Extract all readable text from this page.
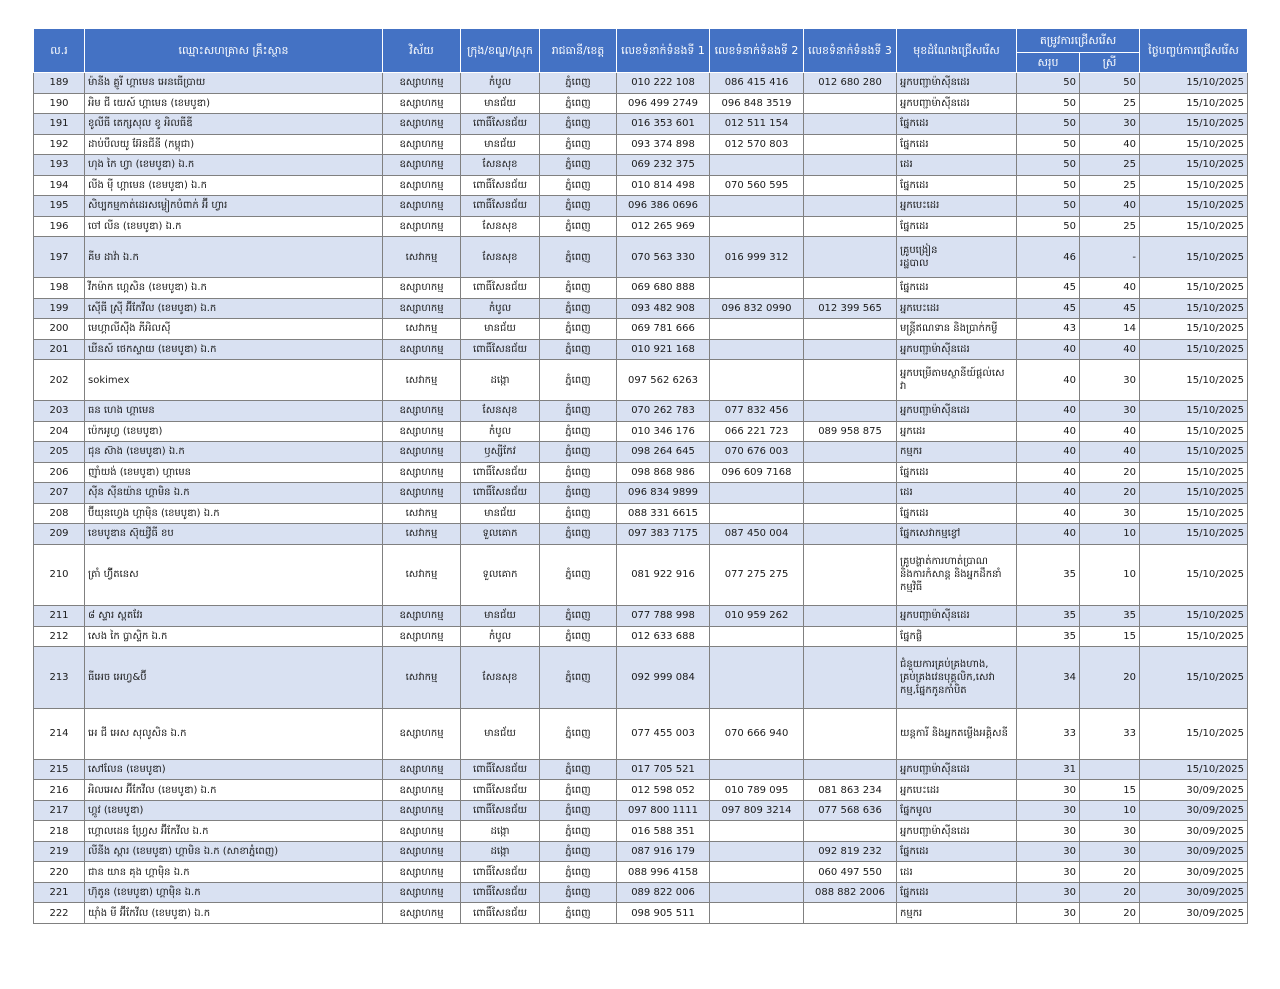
ល.រ	ឈ្មោះសហគ្រាស គ្រឹះស្ថាន	វិស័យ	ក្រុង/ខណ្ឌ/ស្រុក	រាជធានី/ខេត្ត	លេខទំនាក់ទំនងទី 1	លេខទំនាក់ទំនងទី 2	លេខទំនាក់ទំនងទី 3	មុខដំណែងជ្រើសរើស	តម្រូវការជ្រើសរើស		ថ្ងៃបញ្ចប់ការជ្រើសរើស
									សរុប	ស្រី	
189	ម៉ានីង គ្លូរី ហ្គាមេន អេនធើប្រាយ	ឧស្សាហកម្ម	កំបូល	ភ្នំពេញ	010 222 108	086 415 416	012 680 280	អ្នកបញ្ជាម៉ាស៊ីនដេរ	50	50	15/10/2025
190	អិម ជី យេស៍ ហ្គាមេន (ខេមបូឌា)	ឧស្សាហកម្ម	មានជ័យ	ភ្នំពេញ	096 499 2749	096 848 3519		អ្នកបញ្ជាម៉ាស៊ីនដេរ	50	25	15/10/2025
191	ខូលីធី តេក្សសុល ខូ អិលធីឌី	ឧស្សាហកម្ម	ពោធិ៍សែនជ័យ	ភ្នំពេញ	016 353 601	012 511 154		ផ្នែកដេរ	50	30	15/10/2025
192	ដាប់បឹលយូ អ៊ែនជីនី (កម្ពុជា)	ឧស្សាហកម្ម	មានជ័យ	ភ្នំពេញ	093 374 898	012 570 803		ផ្នែកដេរ	50	40	15/10/2025
193	ហុង កៃ ហ្វា (ខេមបូឌា) ឯ.ក	ឧស្សាហកម្ម	សែនសុខ	ភ្នំពេញ	069 232 375			ដេរ	50	25	15/10/2025
194	លីង ម៉ី ហ្គាមេន (ខេមបូឌា) ឯ.ក	ឧស្សាហកម្ម	ពោធិ៍សែនជ័យ	ភ្នំពេញ	010 814 498	070 560 595		ផ្នែកដេរ	50	25	15/10/2025
195	សិប្បកម្មកាត់ដេរសម្លៀកបំពាក់ អ៊ី ហ្វារ	ឧស្សាហកម្ម	ពោធិ៍សែនជ័យ	ភ្នំពេញ	096 386 0696			អ្នកបេះដេរ	50	40	15/10/2025
196	ចៅ លីន (ខេមបូឌា) ឯ.ក	ឧស្សាហកម្ម	សែនសុខ	ភ្នំពេញ	012 265 969			ផ្នែកដេរ	50	25	15/10/2025
197	គីម ដាវ៉ា ឯ.ក	សេវាកម្ម	សែនសុខ	ភ្នំពេញ	070 563 330	016 999 312		គ្រូបង្រៀន
រដ្ឋបាល	46	-	15/10/2025
198	វីកម៉ាក ហ្គេសិន (ខេមបូឌា) ឯ.ក	ឧស្សាហកម្ម	ពោធិ៍សែនជ័យ	ភ្នំពេញ	069 680 888			ផ្នែកដេរ	45	40	15/10/2025
199	ស៊ើធី ស៊្រី អ៊ីកែវីល (ខេមបូឌា) ឯ.ក	ឧស្សាហកម្ម	កំបូល	ភ្នំពេញ	093 482 908	096 832 0990	012 399 565	អ្នកបេះដេរ	45	45	15/10/2025
200	មេហ្គាលីស៊ីង ភីអិលស៊ី	សេវាកម្ម	មានជ័យ	ភ្នំពេញ	069 781 666			មន្ត្រីឥណទាន និងប្រាក់កម្ចី	43	14	15/10/2025
201	ឃីនស៍ ថេកស្ទាយ (ខេមបូឌា) ឯ.ក	ឧស្សាហកម្ម	ពោធិ៍សែនជ័យ	ភ្នំពេញ	010 921 168			អ្នកបញ្ជាម៉ាស៊ីនដេរ	40	40	15/10/2025
202	sokimex	សេវាកម្ម	ដង្កោ	ភ្នំពេញ	097 562 6263			អ្នកបម្រើតាមស្ថានីយ៍ផ្តល់សេ
វា	40	30	15/10/2025
203	ធន ហេង ហ្គាមេន	ឧស្សាហកម្ម	សែនសុខ	ភ្នំពេញ	070 262 783	077 832 456		អ្នកបញ្ជាម៉ាស៊ីនដេរ	40	30	15/10/2025
204	ប៉េកអូហ្វ (ខេមបូឌា)	ឧស្សាហកម្ម	កំបូល	ភ្នំពេញ	010 346 176	066 221 723	089 958 875	អ្នកដេរ	40	40	15/10/2025
205	ជុន ស៊ាង (ខេមបូឌា) ឯ.ក	ឧស្សាហកម្ម	ឫស្សីកែវ	ភ្នំពេញ	098 264 645	070 676 003		កម្មករ	40	40	15/10/2025
206	ញ៉ាំយង់ (ខេមបូឌា) ហ្គាមេន	ឧស្សាហកម្ម	ពោធិ៍សែនជ័យ	ភ្នំពេញ	098 868 986	096 609 7168		ផ្នែកដេរ	40	20	15/10/2025
207	ស៊ីន ស៊ីនយ៉ាន ហ្គាមិន ឯ.ក	ឧស្សាហកម្ម	ពោធិ៍សែនជ័យ	ភ្នំពេញ	096 834 9899			ដេរ	40	20	15/10/2025
208	ប៊ីយុនហ្វេង ហ្គាម៉ិន (ខេមបូឌា) ឯ.ក	សេវាកម្ម	មានជ័យ	ភ្នំពេញ	088 331 6615			ផ្នែកដេរ	40	30	15/10/2025
209	ខេមបូឌាន ស៊ុយវ្វីធី ខប	សេវាកម្ម	ទួលគោក	ភ្នំពេញ	097 383 7175	087 450 004		ផ្នែកសេវាកម្មខ្វៅ	40	10	15/10/2025
210	ត្រាំ ហ៊្វីតនេស	សេវាកម្ម	ទួលគោក	ភ្នំពេញ	081 922 916	077 275 275		គ្រូបង្ហាត់ការហាត់ប្រាណ
និងការកំសាន្ត និងអ្នកដឹកនាំ
កម្មវិធី	35	10	15/10/2025
211	៨ ស្ទារ ស្ពតវែរ	ឧស្សាហកម្ម	មានជ័យ	ភ្នំពេញ	077 788 998	010 959 262		អ្នកបញ្ជាម៉ាស៊ីនដេរ	35	35	15/10/2025
212	សេង កៃ ប្លាស្ទិក ឯ.ក	ឧស្សាហកម្ម	កំបូល	ភ្នំពេញ	012 633 688			ផ្នែកផ្លិ	35	15	15/10/2025
213	ធីអេច អេហ្វ&ប៊ី	សេវាកម្ម	សែនសុខ	ភ្នំពេញ	092 999 084			ជំនួយការគ្រប់គ្រងហាង,
គ្រប់គ្រងវេនបុគ្គលិក,សេវា
កម្ម,ផ្នែកកូនកាំបិត	34	20	15/10/2025
214	អេ ជី អេស សុលូសិន ឯ.ក	ឧស្សាហកម្ម	មានជ័យ	ភ្នំពេញ	077 455 003	070 666 940		យន្តការី និងអ្នកតម្លើងអគ្គិសនី	33	33	15/10/2025
215	សៅលែន (ខេមបូឌា)	ឧស្សាហកម្ម	ពោធិ៍សែនជ័យ	ភ្នំពេញ	017 705 521			អ្នកបញ្ជាម៉ាស៊ីនដេរ	31		15/10/2025
216	អិលអេស អ៊ីកែវីល (ខេមបូឌា) ឯ.ក	ឧស្សាហកម្ម	ពោធិ៍សែនជ័យ	ភ្នំពេញ	012 598 052	010 789 095	081 863 234	អ្នកបេះដេរ	30	15	30/09/2025
217	ហ្គូវ (ខេមបូឌា)	ឧស្សាហកម្ម	ពោធិ៍សែនជ័យ	ភ្នំពេញ	097 800 1111	097 809 3214	077 568 636	ផ្នែកមូល	30	10	30/09/2025
218	ហ្គោលដេន ហ្វ្រែស អ៊ីកែវីល ឯ.ក	ឧស្សាហកម្ម	ដង្កោ	ភ្នំពេញ	016 588 351			អ្នកបញ្ជាម៉ាស៊ីនដេរ	30	30	30/09/2025
219	លីនីង ស្តារ (ខេមបូឌា) ហ្គាមិន ឯ.ក (សាខាភ្នំពេញ)	ឧស្សាហកម្ម	ដង្កោ	ភ្នំពេញ	087 916 179		092 819 232	ផ្នែកដេរ	30	30	30/09/2025
220	ជាន យាន គុង ហ្គាម៉ិន ឯ.ក	ឧស្សាហកម្ម	ពោធិ៍សែនជ័យ	ភ្នំពេញ	088 996 4158		060 497 550	ដេរ	30	20	30/09/2025
221	ហ៊ុតូន (ខេមបូឌា) ហ្គាម៉ិន ឯ.ក	ឧស្សាហកម្ម	ពោធិ៍សែនជ័យ	ភ្នំពេញ	089 822 006		088 882 2006	ផ្នែកដេរ	30	20	30/09/2025
222	យ៉ាំង មី អ៊ីកែវីល (ខេមបូឌា) ឯ.ក	ឧស្សាហកម្ម	ពោធិ៍សែនជ័យ	ភ្នំពេញ	098 905 511			កម្មករ	30	20	30/09/2025
